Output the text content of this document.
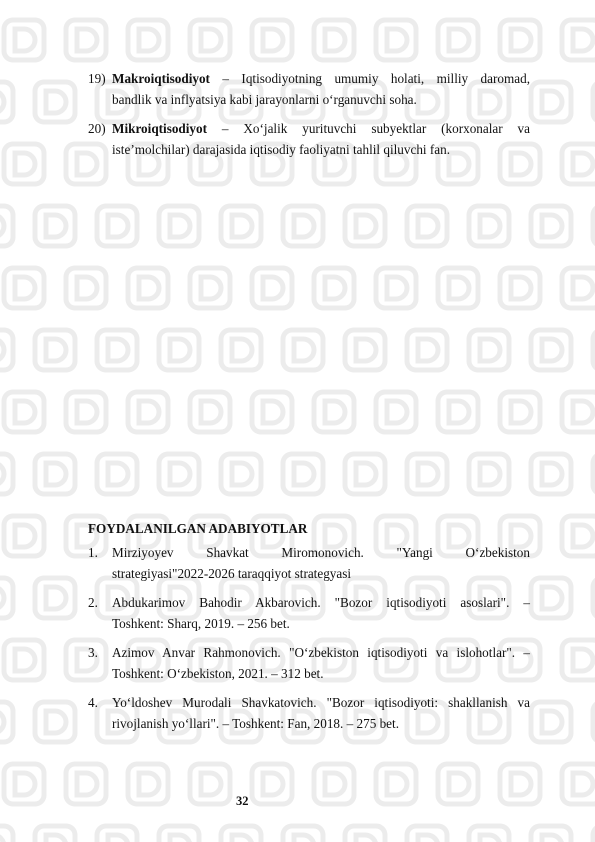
19) Makroiqtisodiyot – Iqtisodiyotning umumiy holati, milliy daromad,
bandlik va inflyatsiya kabi jarayonlarni o‘rganuvchi soha.
20) Mikroiqtisodiyot – Xo‘jalik yurituvchi subyektlar (korxonalar va
iste’molchilar) darajasida iqtisodiy faoliyatni tahlil qiluvchi fan.
FOYDALANILGAN ADABIYOTLAR
1. Mirziyoyev Shavkat Miromonovich. "Yangi O‘zbekiston
strategiyasi"2022-2026 taraqqiyot strategyasi
2. Abdukarimov Bahodir Akbarovich. "Bozor iqtisodiyoti asoslari". –
Toshkent: Sharq, 2019. – 256 bet.
3. Azimov Anvar Rahmonovich. "O‘zbekiston iqtisodiyoti va islohotlar". –
Toshkent: O‘zbekiston, 2021. – 312 bet.
4. Yo‘ldoshev Murodali Shavkatovich. "Bozor iqtisodiyoti: shakllanish va
rivojlanish yo‘llari". – Toshkent: Fan, 2018. – 275 bet.
32
